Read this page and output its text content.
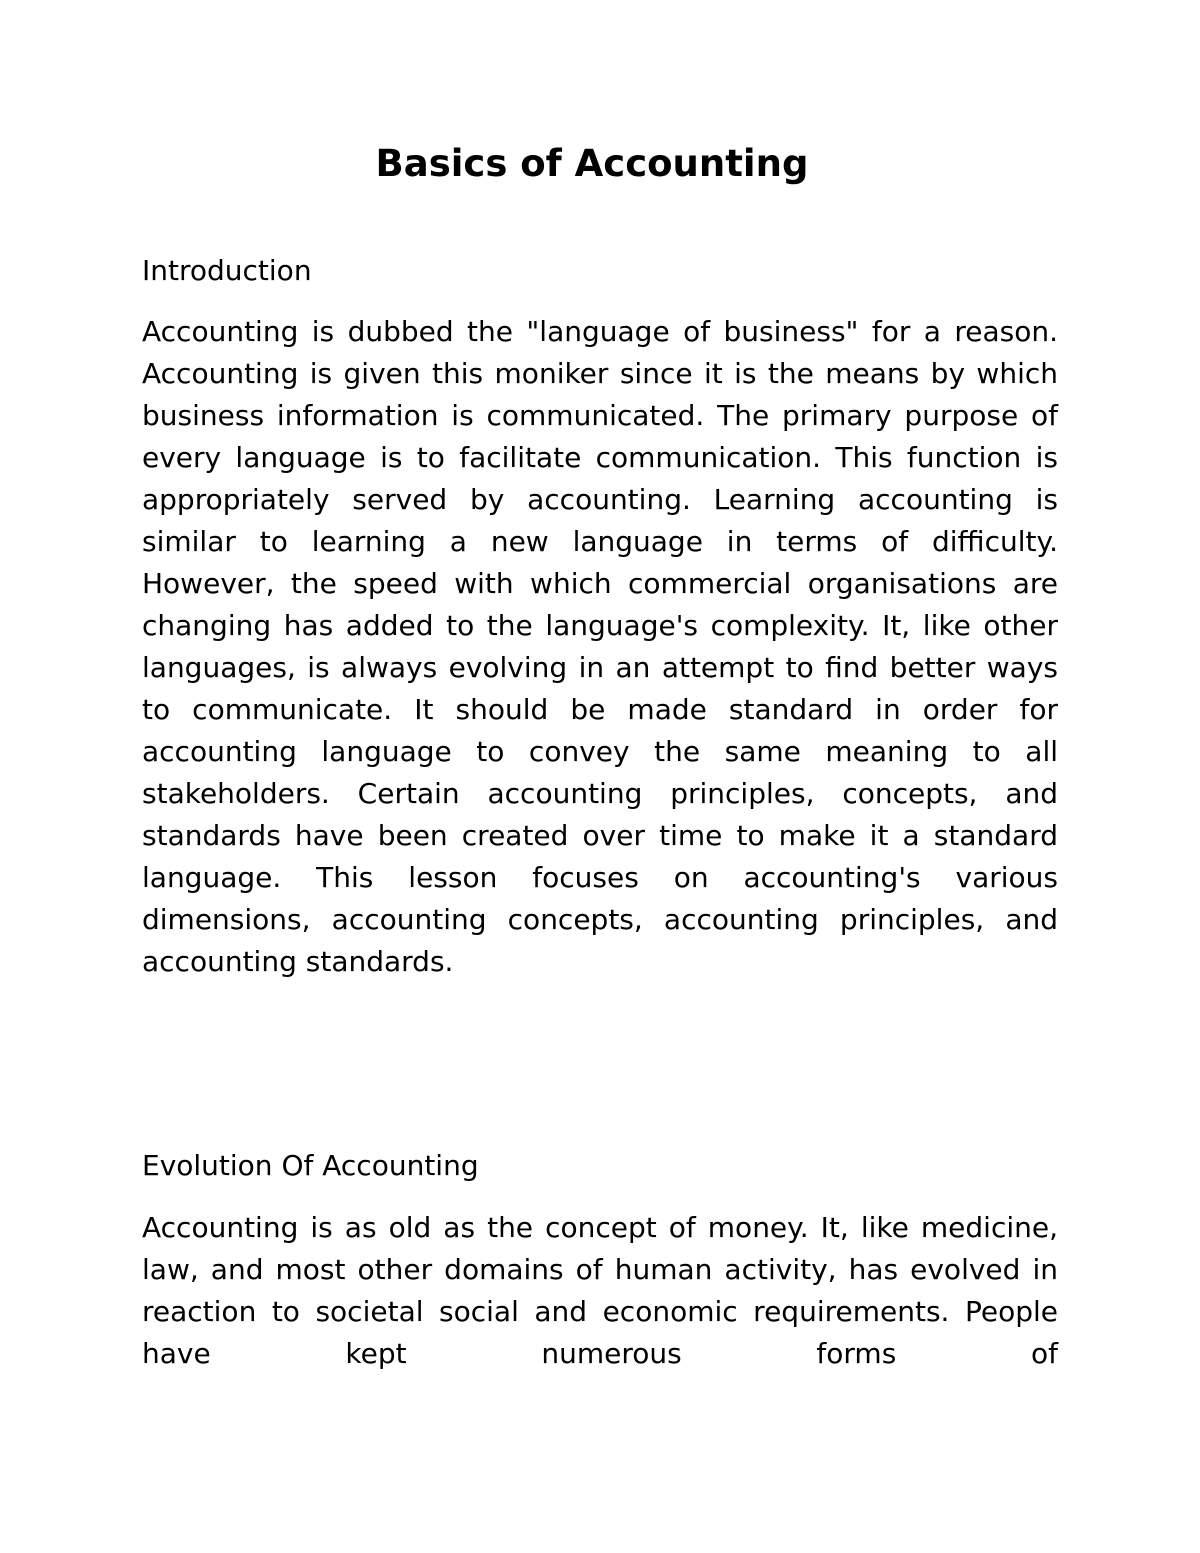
Basics of Accounting
Introduction

Accounting is dubbed the "language of business" for a reason. Accounting is given this moniker since it is the means by which business information is communicated. The primary purpose of every language is to facilitate communication. This function is appropriately served by accounting. Learning accounting is similar to learning a new language in terms of difficulty. However, the speed with which commercial organisations are changing has added to the language's complexity. It, like other languages, is always evolving in an attempt to find better ways to communicate. It should be made standard in order for accounting language to convey the same meaning to all stakeholders. Certain accounting principles, concepts, and standards have been created over time to make it a standard language. This lesson focuses on accounting's various dimensions, accounting concepts, accounting principles, and accounting standards.

Evolution Of Accounting

Accounting is as old as the concept of money. It, like medicine, law, and most other domains of human activity, has evolved in reaction to societal social and economic requirements. People have kept numerous forms of
